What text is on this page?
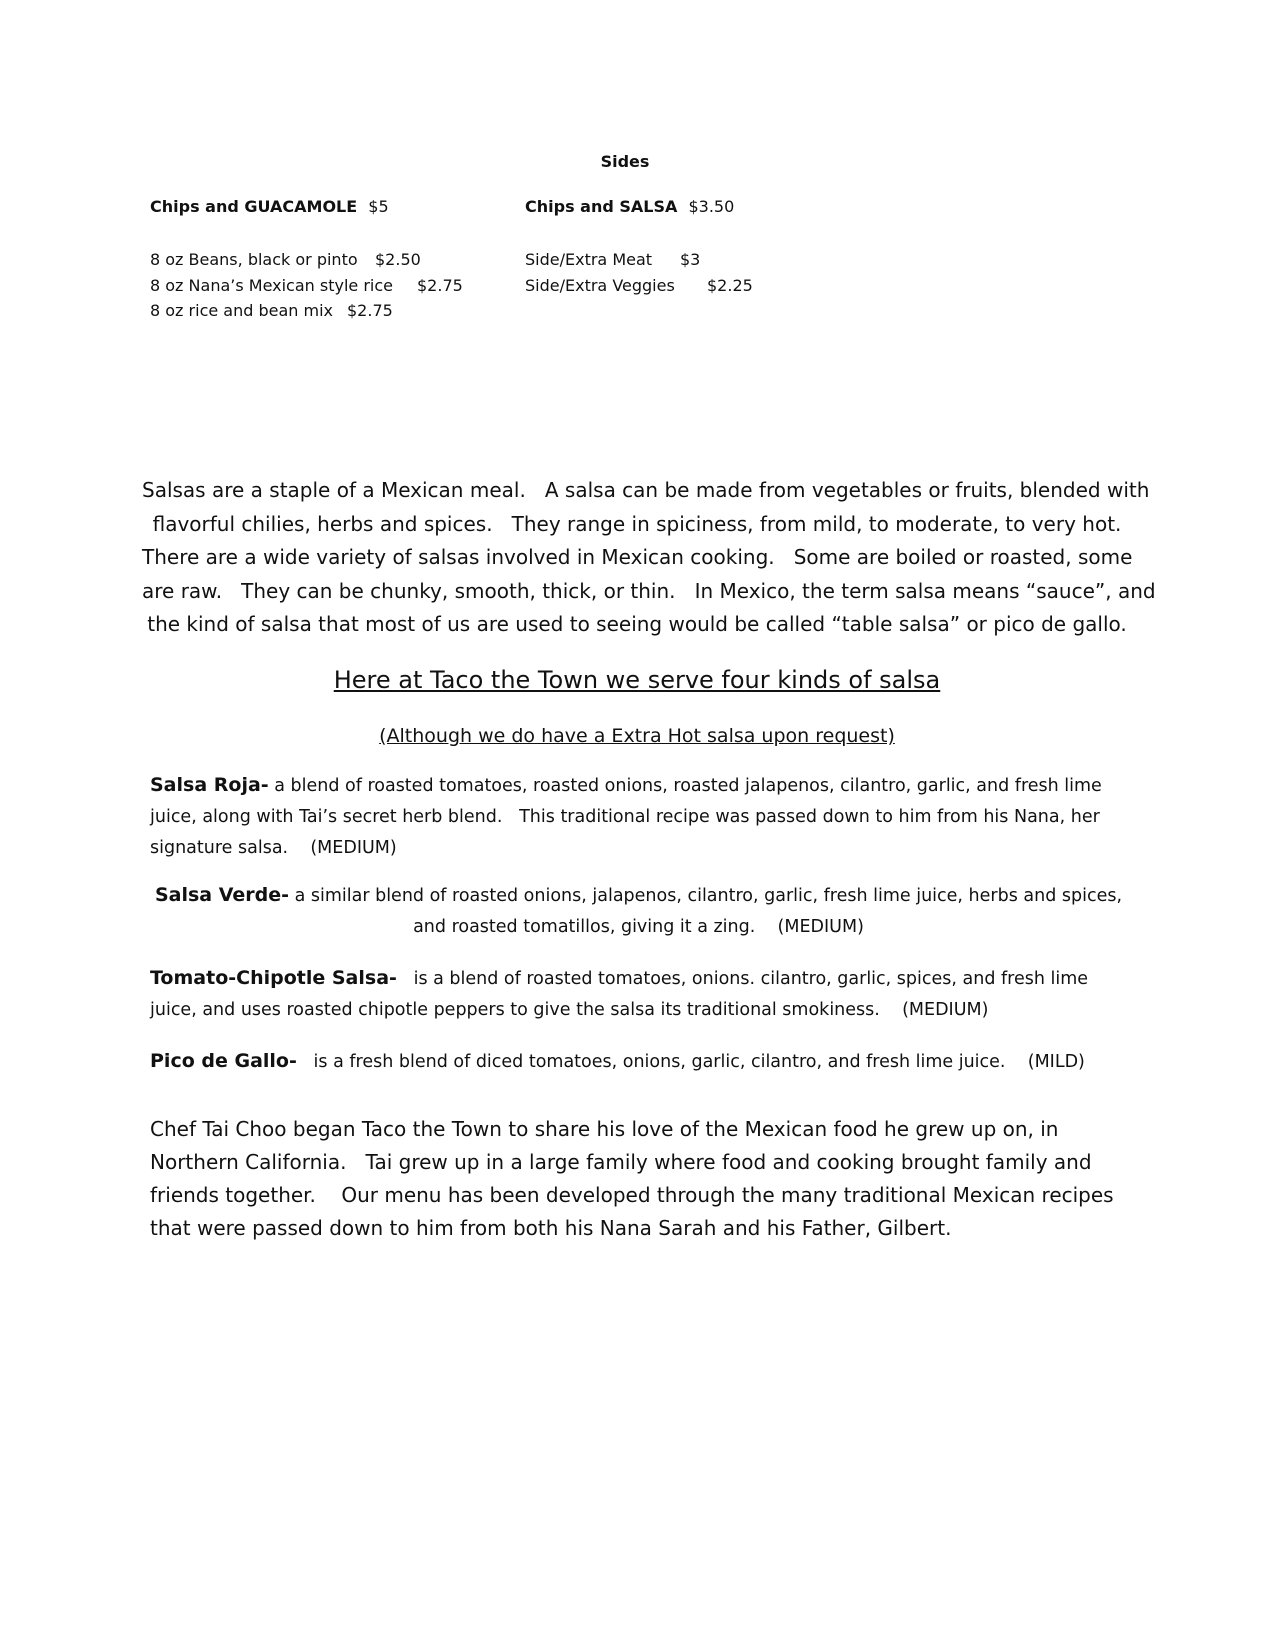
Sides
Chips and GUACAMOLE $5	Chips and SALSA $3.50
8 oz Beans, black or pinto $2.50
8 oz Nana’s Mexican style rice $2.75
8 oz rice and bean mix $2.75
Side/Extra Meat $3
Side/Extra Veggies $2.25
Salsas are a staple of a Mexican meal.   A salsa can be made from vegetables or fruits, blended with
flavorful chilies, herbs and spices.   They range in spiciness, from mild, to moderate, to very hot.
There are a wide variety of salsas involved in Mexican cooking.   Some are boiled or roasted, some
are raw.   They can be chunky, smooth, thick, or thin.   In Mexico, the term salsa means “sauce”, and
the kind of salsa that most of us are used to seeing would be called “table salsa” or pico de gallo.
Here at Taco the Town we serve four kinds of salsa
(Although we do have a Extra Hot salsa upon request)
Salsa Roja- a blend of roasted tomatoes, roasted onions, roasted jalapenos, cilantro, garlic, and fresh lime juice, along with Tai’s secret herb blend.   This traditional recipe was passed down to him from his Nana, her signature salsa.    (MEDIUM)
Salsa Verde- a similar blend of roasted onions, jalapenos, cilantro, garlic, fresh lime juice, herbs and spices, and roasted tomatillos, giving it a zing.    (MEDIUM)
Tomato-Chipotle Salsa-   is a blend of roasted tomatoes, onions. cilantro, garlic, spices, and fresh lime juice, and uses roasted chipotle peppers to give the salsa its traditional smokiness.    (MEDIUM)
Pico de Gallo-   is a fresh blend of diced tomatoes, onions, garlic, cilantro, and fresh lime juice.    (MILD)
Chef Tai Choo began Taco the Town to share his love of the Mexican food he grew up on, in
Northern California.   Tai grew up in a large family where food and cooking brought family and
friends together.    Our menu has been developed through the many traditional Mexican recipes
that were passed down to him from both his Nana Sarah and his Father, Gilbert.
